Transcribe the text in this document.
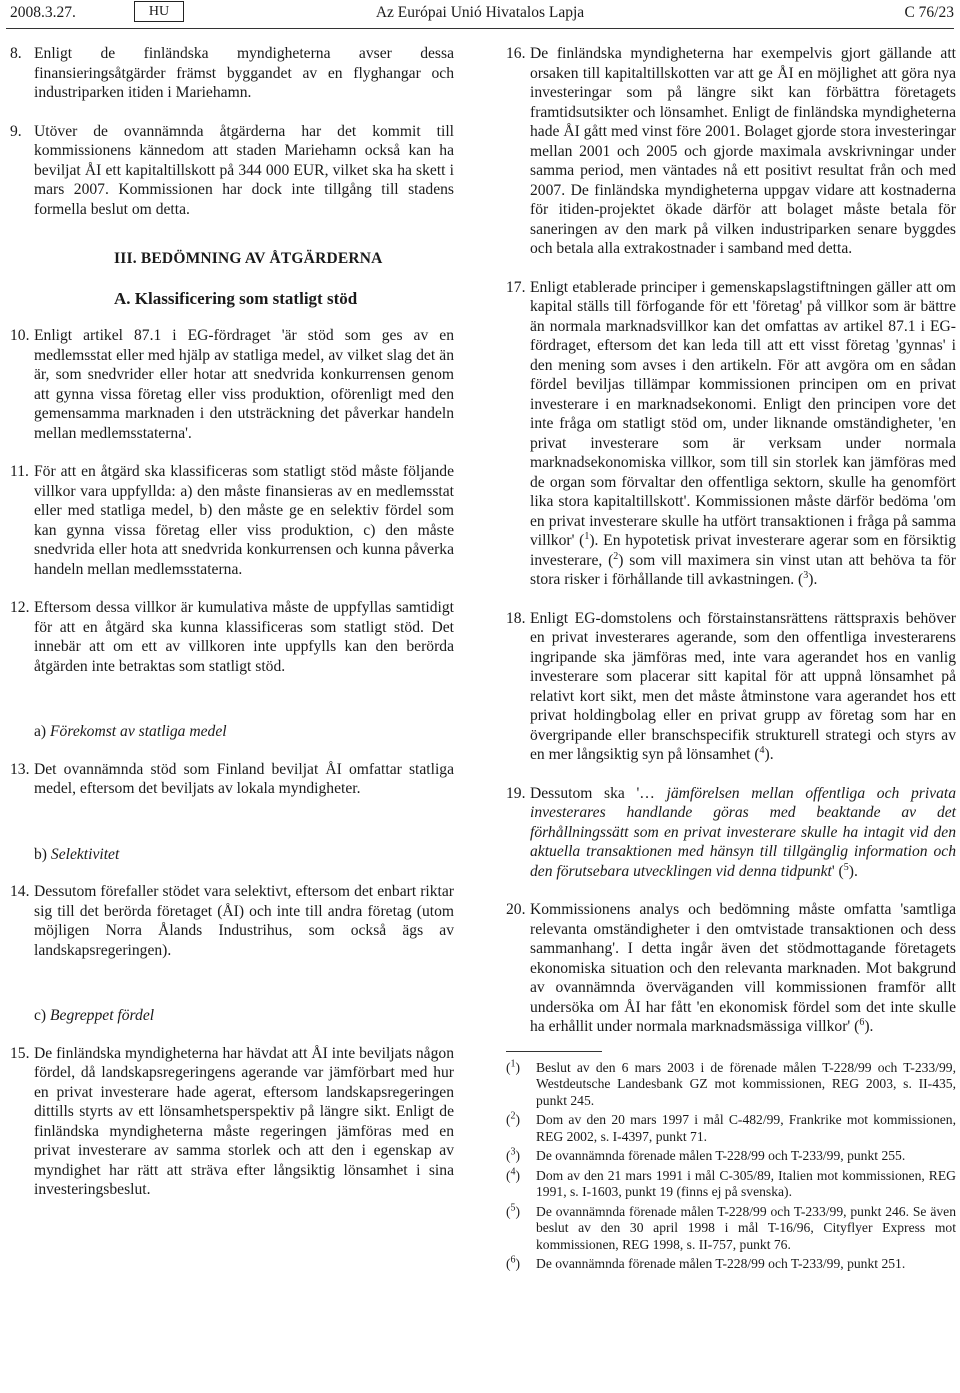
2008.3.27.	HU	Az Európai Unió Hivatalos Lapja	C 76/23

8. Enligt de finländska myndigheterna avser dessa finansieringsåtgärder främst byggandet av en flyghangar och industriparken itiden i Mariehamn.

9. Utöver de ovannämnda åtgärderna har det kommit till kommissionens kännedom att staden Mariehamn också kan ha beviljat ÅI ett kapitaltillskott på 344 000 EUR, vilket ska ha skett i mars 2007. Kommissionen har dock inte tillgång till stadens formella beslut om detta.

III. BEDÖMNING AV ÅTGÄRDERNA

A. Klassificering som statligt stöd

10. Enligt artikel 87.1 i EG-fördraget 'är stöd som ges av en medlemsstat eller med hjälp av statliga medel, av vilket slag det än är, som snedvrider eller hotar att snedvrida konkurrensen genom att gynna vissa företag eller viss produktion, oförenligt med den gemensamma marknaden i den utsträckning det påverkar handeln mellan medlemsstaterna'.

11. För att en åtgärd ska klassificeras som statligt stöd måste följande villkor vara uppfyllda: a) den måste finansieras av en medlemsstat eller med statliga medel, b) den måste ge en selektiv fördel som kan gynna vissa företag eller viss produktion, c) den måste snedvrida eller hota att snedvrida konkurrensen och kunna påverka handeln mellan medlemsstaterna.

12. Eftersom dessa villkor är kumulativa måste de uppfyllas samtidigt för att en åtgärd ska kunna klassificeras som statligt stöd. Det innebär att om ett av villkoren inte uppfylls kan den berörda åtgärden inte betraktas som statligt stöd.

a) Förekomst av statliga medel

13. Det ovannämnda stöd som Finland beviljat ÅI omfattar statliga medel, eftersom det beviljats av lokala myndigheter.

b) Selektivitet

14. Dessutom förefaller stödet vara selektivt, eftersom det enbart riktar sig till det berörda företaget (ÅI) och inte till andra företag (utom möjligen Norra Ålands Industrihus, som också ägs av landskapsregeringen).

c) Begreppet fördel

15. De finländska myndigheterna har hävdat att ÅI inte beviljats någon fördel, då landskapsregeringens agerande var jämförbart med hur en privat investerare hade agerat, eftersom landskapsregeringen dittills styrts av ett lönsamhetsperspektiv på längre sikt. Enligt de finländska myndigheterna måste regeringen jämföras med en privat investerare av samma storlek och att den i egenskap av myndighet har rätt att sträva efter långsiktig lönsamhet i sina investeringsbeslut.

16. De finländska myndigheterna har exempelvis gjort gällande att orsaken till kapitaltillskotten var att ge ÅI en möjlighet att göra nya investeringar som på längre sikt kan förbättra företagets framtidsutsikter och lönsamhet. Enligt de finländska myndigheterna hade ÅI gått med vinst före 2001. Bolaget gjorde stora investeringar mellan 2001 och 2005 och gjorde maximala avskrivningar under samma period, men väntades nå ett positivt resultat från och med 2007. De finländska myndigheterna uppgav vidare att kostnaderna för itiden-projektet ökade därför att bolaget måste betala för saneringen av den mark på vilken industriparken senare byggdes och betala alla extrakostnader i samband med detta.

17. Enligt etablerade principer i gemenskapslagstiftningen gäller att om kapital ställs till förfogande för ett 'företag' på villkor som är bättre än normala marknadsvillkor kan det omfattas av artikel 87.1 i EG-fördraget, eftersom det kan leda till att ett visst företag 'gynnas' i den mening som avses i den artikeln. För att avgöra om en sådan fördel beviljas tillämpar kommissionen principen om en privat investerare i en marknadsekonomi. Enligt den principen vore det inte fråga om statligt stöd om, under liknande omständigheter, 'en privat investerare som är verksam under normala marknadsekonomiska villkor, som till sin storlek kan jämföras med de organ som förvaltar den offentliga sektorn, skulle ha genomfört lika stora kapitaltillskott'. Kommissionen måste därför bedöma 'om en privat investerare skulle ha utfört transaktionen i fråga på samma villkor' ($^1$). En hypotetisk privat investerare agerar som en försiktig investerare, ($^2$) som vill maximera sin vinst utan att behöva ta för stora risker i förhållande till avkastningen. ($^3$).

18. Enligt EG-domstolens och förstainstansrättens rättspraxis behöver en privat investerares agerande, som den offentliga investerarens ingripande ska jämföras med, inte vara agerandet hos en vanlig investerare som placerar sitt kapital för att uppnå lönsamhet på relativt kort sikt, men det måste åtminstone vara agerandet hos ett privat holdingbolag eller en privat grupp av företag som har en övergripande eller branschspecifik strukturell strategi och styrs av en mer långsiktig syn på lönsamhet ($^4$).

19. Dessutom ska '… jämförelsen mellan offentliga och privata investerares handlande göras med beaktande av det förhållningssätt som en privat investerare skulle ha intagit vid den aktuella transaktionen med hänsyn till tillgänglig information och den förutsebara utvecklingen vid denna tidpunkt' ($^5$).

20. Kommissionens analys och bedömning måste omfatta 'samtliga relevanta omständigheter i den omtvistade transaktionen och dess sammanhang'. I detta ingår även det stödmottagande företagets ekonomiska situation och den relevanta marknaden. Mot bakgrund av ovannämnda överväganden vill kommissionen framför allt undersöka om ÅI har fått 'en ekonomisk fördel som det inte skulle ha erhållit under normala marknadsmässiga villkor' ($^6$).

($^1$) Beslut av den 6 mars 2003 i de förenade målen T-228/99 och T-233/99, Westdeutsche Landesbank GZ mot kommissionen, REG 2003, s. II-435, punkt 245.

($^2$) Dom av den 20 mars 1997 i mål C-482/99, Frankrike mot kommissionen, REG 2002, s. I-4397, punkt 71.

($^3$) De ovannämnda förenade målen T-228/99 och T-233/99, punkt 255.

($^4$) Dom av den 21 mars 1991 i mål C-305/89, Italien mot kommissionen, REG 1991, s. I-1603, punkt 19 (finns ej på svenska).

($^5$) De ovannämnda förenade målen T-228/99 och T-233/99, punkt 246. Se även beslut av den 30 april 1998 i mål T-16/96, Cityflyer Express mot kommissionen, REG 1998, s. II-757, punkt 76.

($^6$) De ovannämnda förenade målen T-228/99 och T-233/99, punkt 251.
